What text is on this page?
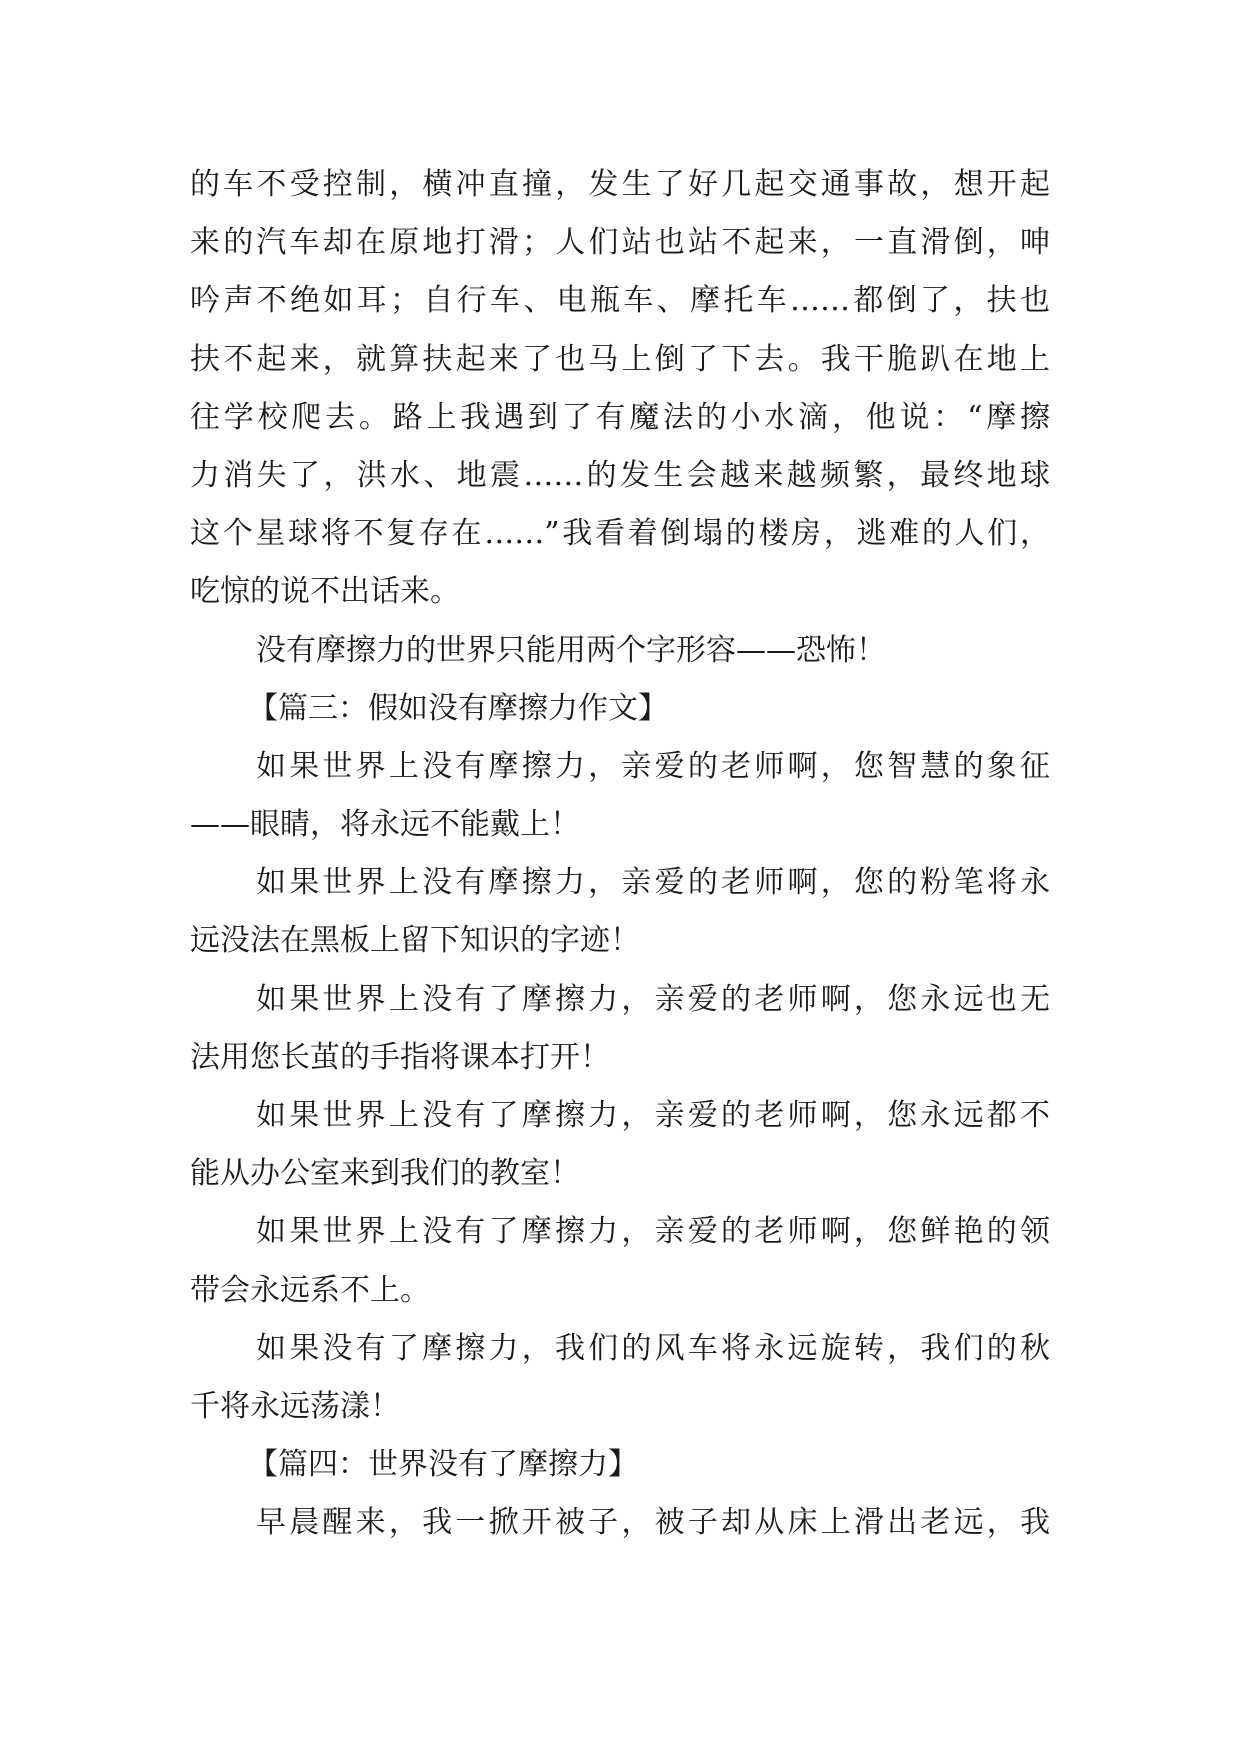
的车不受控制，横冲直撞，发生了好几起交通事故，想开起
来的汽车却在原地打滑；人们站也站不起来，一直滑倒，呻
吟声不绝如耳；自行车、电瓶车、摩托车……都倒了，扶也
扶不起来，就算扶起来了也马上倒了下去。我干脆趴在地上
往学校爬去。路上我遇到了有魔法的小水滴，他说：“摩擦
力消失了，洪水、地震……的发生会越来越频繁，最终地球
这个星球将不复存在……”我看着倒塌的楼房，逃难的人们，
吃惊的说不出话来。
没有摩擦力的世界只能用两个字形容——恐怖！
【篇三：假如没有摩擦力作文】
如果世界上没有摩擦力，亲爱的老师啊，您智慧的象征
——眼睛，将永远不能戴上！
如果世界上没有摩擦力，亲爱的老师啊，您的粉笔将永
远没法在黑板上留下知识的字迹！
如果世界上没有了摩擦力，亲爱的老师啊，您永远也无
法用您长茧的手指将课本打开！
如果世界上没有了摩擦力，亲爱的老师啊，您永远都不
能从办公室来到我们的教室！
如果世界上没有了摩擦力，亲爱的老师啊，您鲜艳的领
带会永远系不上。
如果没有了摩擦力，我们的风车将永远旋转，我们的秋
千将永远荡漾！
【篇四：世界没有了摩擦力】
早晨醒来，我一掀开被子，被子却从床上滑出老远，我
